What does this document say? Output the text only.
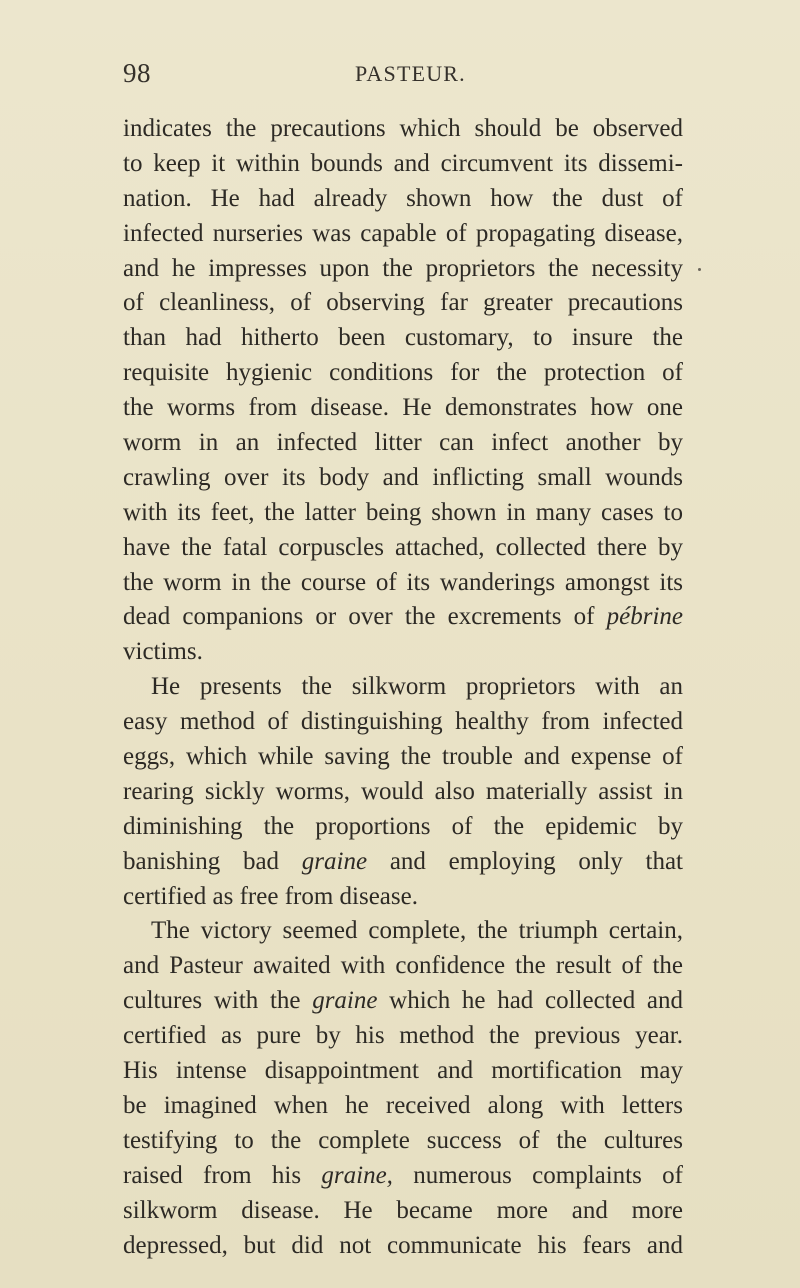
98	PASTEUR.
indicates the precautions which should be observed
to keep it within bounds and circumvent its dissemi-
nation. He had already shown how the dust of
infected nurseries was capable of propagating disease,
and he impresses upon the proprietors the necessity
of cleanliness, of observing far greater precautions
than had hitherto been customary, to insure the
requisite hygienic conditions for the protection of
the worms from disease. He demonstrates how one
worm in an infected litter can infect another by
crawling over its body and inflicting small wounds
with its feet, the latter being shown in many cases to
have the fatal corpuscles attached, collected there by
the worm in the course of its wanderings amongst its
dead companions or over the excrements of pébrine
victims.
He presents the silkworm proprietors with an
easy method of distinguishing healthy from infected
eggs, which while saving the trouble and expense of
rearing sickly worms, would also materially assist in
diminishing the proportions of the epidemic by
banishing bad graine and employing only that
certified as free from disease.
The victory seemed complete, the triumph certain,
and Pasteur awaited with confidence the result of the
cultures with the graine which he had collected and
certified as pure by his method the previous year.
His intense disappointment and mortification may
be imagined when he received along with letters
testifying to the complete success of the cultures
raised from his graine, numerous complaints of
silkworm disease. He became more and more
depressed, but did not communicate his fears and
